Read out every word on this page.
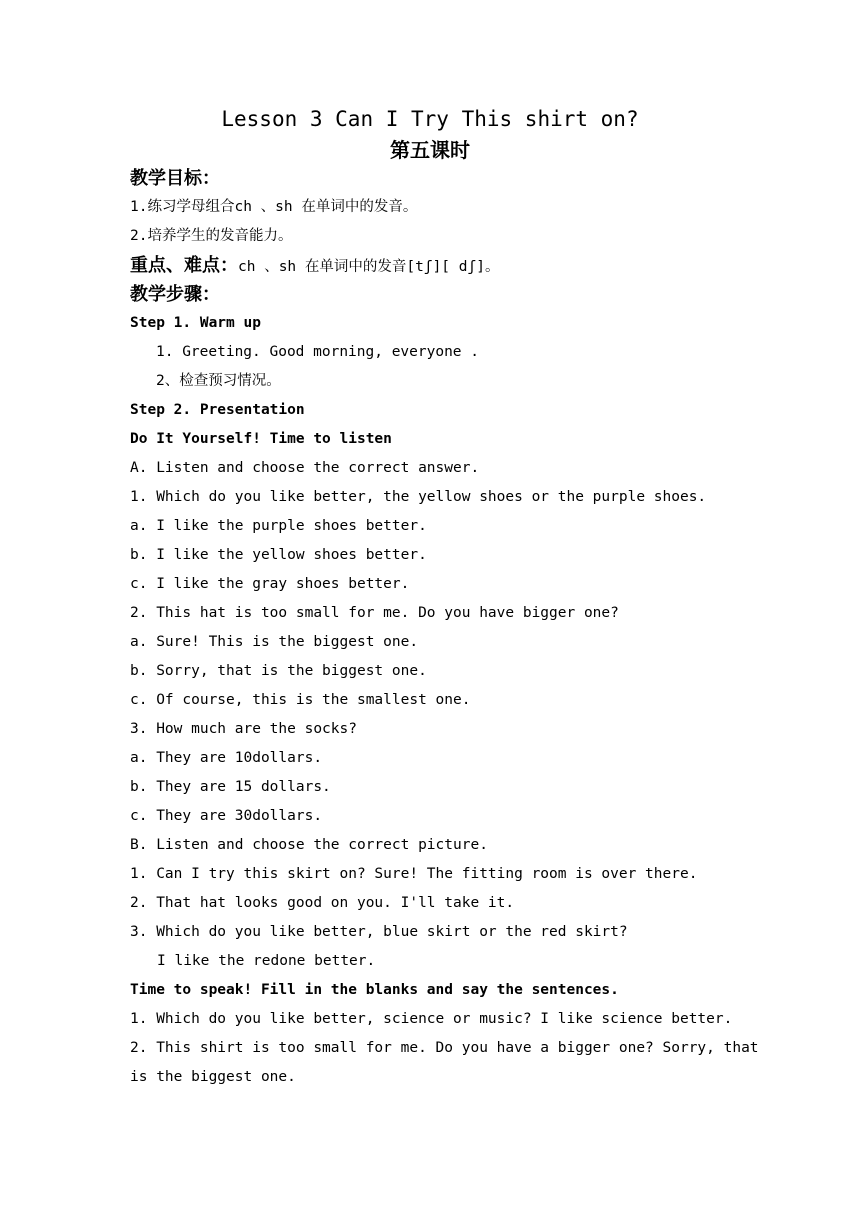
Lesson 3 Can I Try This shirt on?
第五课时
教学目标：
1.练习学母组合ch 、sh 在单词中的发音。
2.培养学生的发音能力。
重点、难点：ch 、sh 在单词中的发音[tʃ][ dʃ]。
教学步骤：
Step 1. Warm up
1. Greeting. Good morning, everyone .
2、检查预习情况。
Step 2. Presentation
Do It Yourself! Time to listen
A. Listen and choose the correct answer.
1. Which do you like better, the yellow shoes or the purple shoes.
a. I like the purple shoes better.
b. I like the yellow shoes better.
c. I like the gray shoes better.
2. This hat is too small for me. Do you have bigger one?
a. Sure! This is the biggest one.
b. Sorry, that is the biggest one.
c. Of course, this is the smallest one.
3. How much are the socks?
a. They are 10dollars.
b. They are 15 dollars.
c. They are 30dollars.
B. Listen and choose the correct picture.
1. Can I try this skirt on? Sure! The fitting room is over there.
2. That hat looks good on you. I'll take it.
3. Which do you like better, blue skirt or the red skirt?
I like the redone better.
Time to speak! Fill in the blanks and say the sentences.
1. Which do you like better, science or music? I like science better.
2. This shirt is too small for me. Do you have a bigger one? Sorry, that
is the biggest one.
